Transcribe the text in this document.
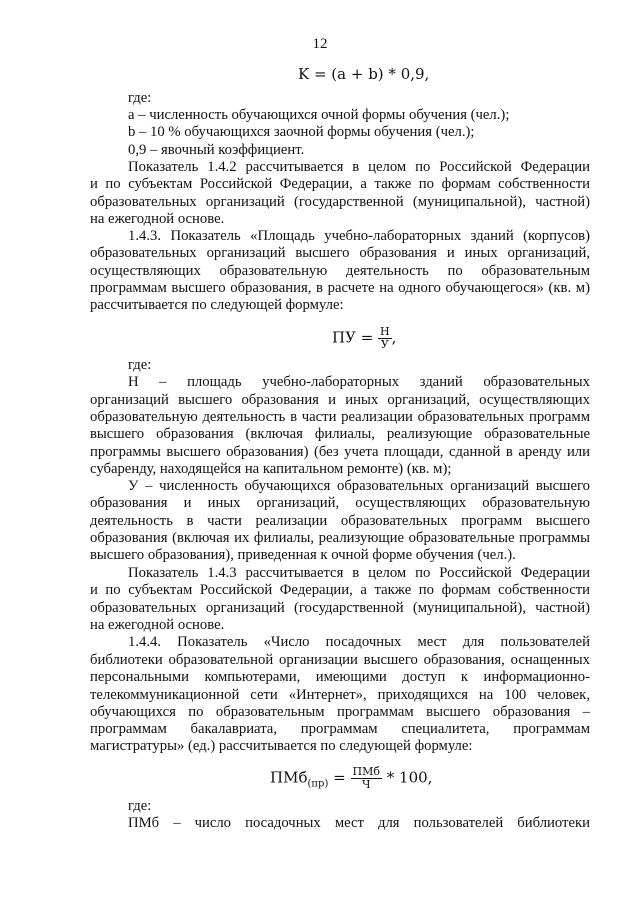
12

K = (a + b) * 0,9,

где:

a – численность обучающихся очной формы обучения (чел.);

b – 10 % обучающихся заочной формы обучения (чел.);

0,9 – явочный коэффициент.

Показатель 1.4.2 рассчитывается в целом по Российской Федерации

и по субъектам Российской Федерации, а также по формам собственности

образовательных организаций (государственной (муниципальной), частной)

на ежегодной основе.

1.4.3. Показатель «Площадь учебно-лабораторных зданий (корпусов)

образовательных организаций высшего образования и иных организаций,

осуществляющих образовательную деятельность по образовательным

программам высшего образования, в расчете на одного обучающегося» (кв. м)

рассчитывается по следующей формуле:

ПУ = $\frac{Н}{У}$ ,

где:

Н – площадь учебно-лабораторных зданий образовательных

организаций высшего образования и иных организаций, осуществляющих

образовательную деятельность в части реализации образовательных программ

высшего образования (включая филиалы, реализующие образовательные

программы высшего образования) (без учета площади, сданной в аренду или

субаренду, находящейся на капитальном ремонте) (кв. м);

У – численность обучающихся образовательных организаций высшего

образования и иных организаций, осуществляющих образовательную

деятельность в части реализации образовательных программ высшего

образования (включая их филиалы, реализующие образовательные программы

высшего образования), приведенная к очной форме обучения (чел.).

Показатель 1.4.3 рассчитывается в целом по Российской Федерации

и по субъектам Российской Федерации, а также по формам собственности

образовательных организаций (государственной (муниципальной), частной)

на ежегодной основе.

1.4.4. Показатель «Число посадочных мест для пользователей

библиотеки образовательной организации высшего образования, оснащенных

персональными компьютерами, имеющими доступ к информационно-

телекоммуникационной сети «Интернет», приходящихся на 100 человек,

обучающихся по образовательным программам высшего образования –

программам бакалавриата, программам специалитета, программам

магистратуры» (ед.) рассчитывается по следующей формуле:

$ПМб_{(пр)} = \frac{\text{ПМб}}{Ч} * 100$,

где:

ПМб – число посадочных мест для пользователей библиотеки
